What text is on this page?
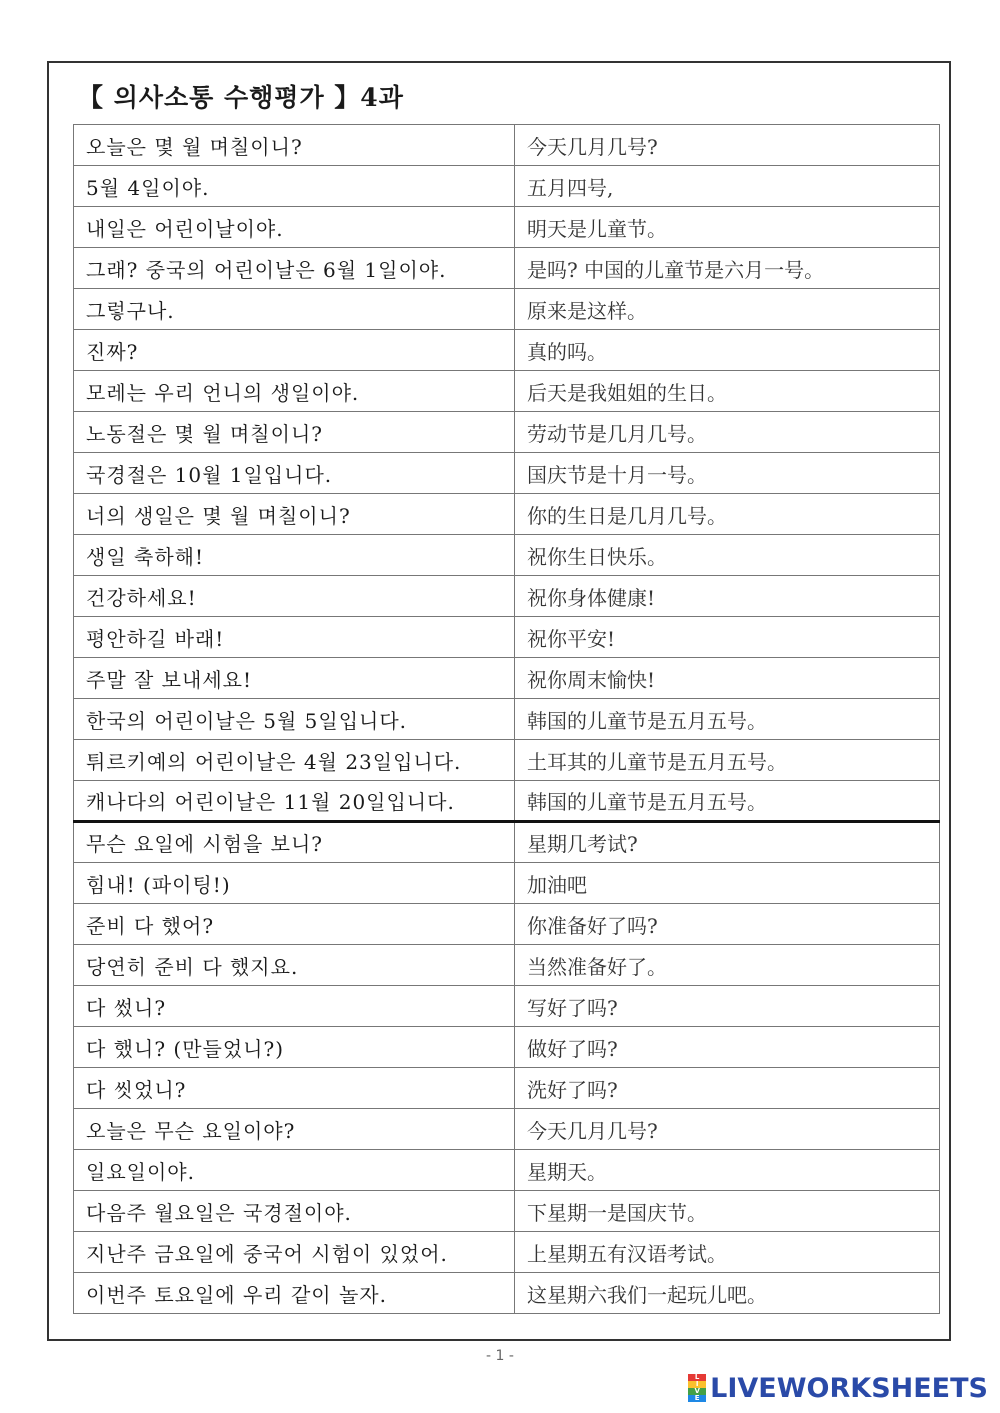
【 의사소통 수행평가 】4과
오늘은 몇 월 며칠이니?	今天几月几号?
5월 4일이야.	五月四号,
내일은 어린이날이야.	明天是儿童节。
그래? 중국의 어린이날은 6월 1일이야.	是吗? 中国的儿童节是六月一号。
그렇구나.	原来是这样。
진짜?	真的吗。
모레는 우리 언니의 생일이야.	后天是我姐姐的生日。
노동절은 몇 월 며칠이니?	劳动节是几月几号。
국경절은 10월 1일입니다.	国庆节是十月一号。
너의 생일은 몇 월 며칠이니?	你的生日是几月几号。
생일 축하해!	祝你生日快乐。
건강하세요!	祝你身体健康!
평안하길 바래!	祝你平安!
주말 잘 보내세요!	祝你周末愉快!
한국의 어린이날은 5월 5일입니다.	韩国的儿童节是五月五号。
튀르키예의 어린이날은 4월 23일입니다.	土耳其的儿童节是五月五号。
캐나다의 어린이날은 11월 20일입니다.	韩国的儿童节是五月五号。
무슨 요일에 시험을 보니?	星期几考试?
힘내! (파이팅!)	加油吧
준비 다 했어?	你准备好了吗?
당연히 준비 다 했지요.	当然准备好了。
다 썼니?	写好了吗?
다 했니? (만들었니?)	做好了吗?
다 씻었니?	洗好了吗?
오늘은 무슨 요일이야?	今天几月几号?
일요일이야.	星期天。
다음주 월요일은 국경절이야.	下星期一是国庆节。
지난주 금요일에 중국어 시험이 있었어.	上星期五有汉语考试。
이번주 토요일에 우리 같이 놀자.	这星期六我们一起玩儿吧。
- 1 -
L
I
V
E LIVEWORKSHEETS
